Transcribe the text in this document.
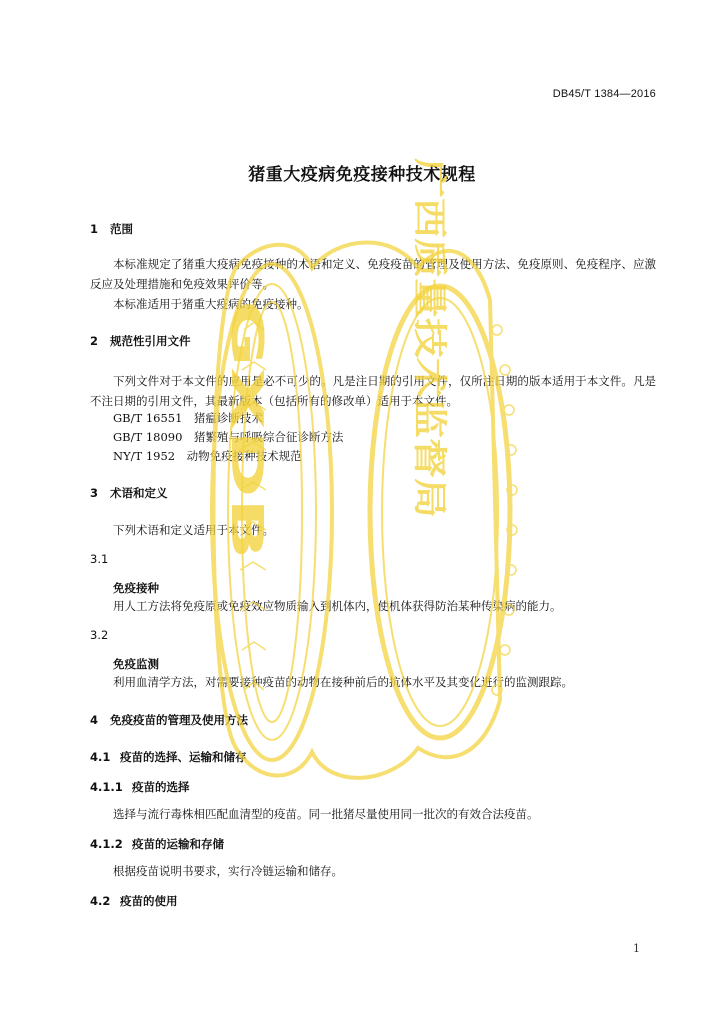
DB45/T 1384—2016
猪重大疫病免疫接种技术规程
1 范围
本标准规定了猪重大疫病免疫接种的术语和定义、免疫疫苗的管理及使用方法、免疫原则、免疫程序、应激反应及处理措施和免疫效果评价等。
本标准适用于猪重大疫病的免疫接种。
2 规范性引用文件
下列文件对于本文件的应用是必不可少的。凡是注日期的引用文件，仅所注日期的版本适用于本文件。凡是不注日期的引用文件，其最新版本（包括所有的修改单）适用于本文件。
GB/T 16551　猪瘟诊断技术
GB/T 18090　猪繁殖与呼吸综合征诊断方法
NY/T 1952　动物免疫接种技术规范
3 术语和定义
下列术语和定义适用于本文件。
3.1
免疫接种
用人工方法将免疫原或免疫效应物质输入到机体内，使机体获得防治某种传染病的能力。
3.2
免疫监测
利用血清学方法，对需要接种疫苗的动物在接种前后的抗体水平及其变化进行的监测跟踪。
4 免疫疫苗的管理及使用方法
4.1 疫苗的选择、运输和储存
4.1.1 疫苗的选择
选择与流行毒株相匹配血清型的疫苗。同一批猪尽量使用同一批次的有效合法疫苗。
4.1.2 疫苗的运输和存储
根据疫苗说明书要求，实行冷链运输和储存。
4.2 疫苗的使用
1
广西质量技术监督局
GXDB
